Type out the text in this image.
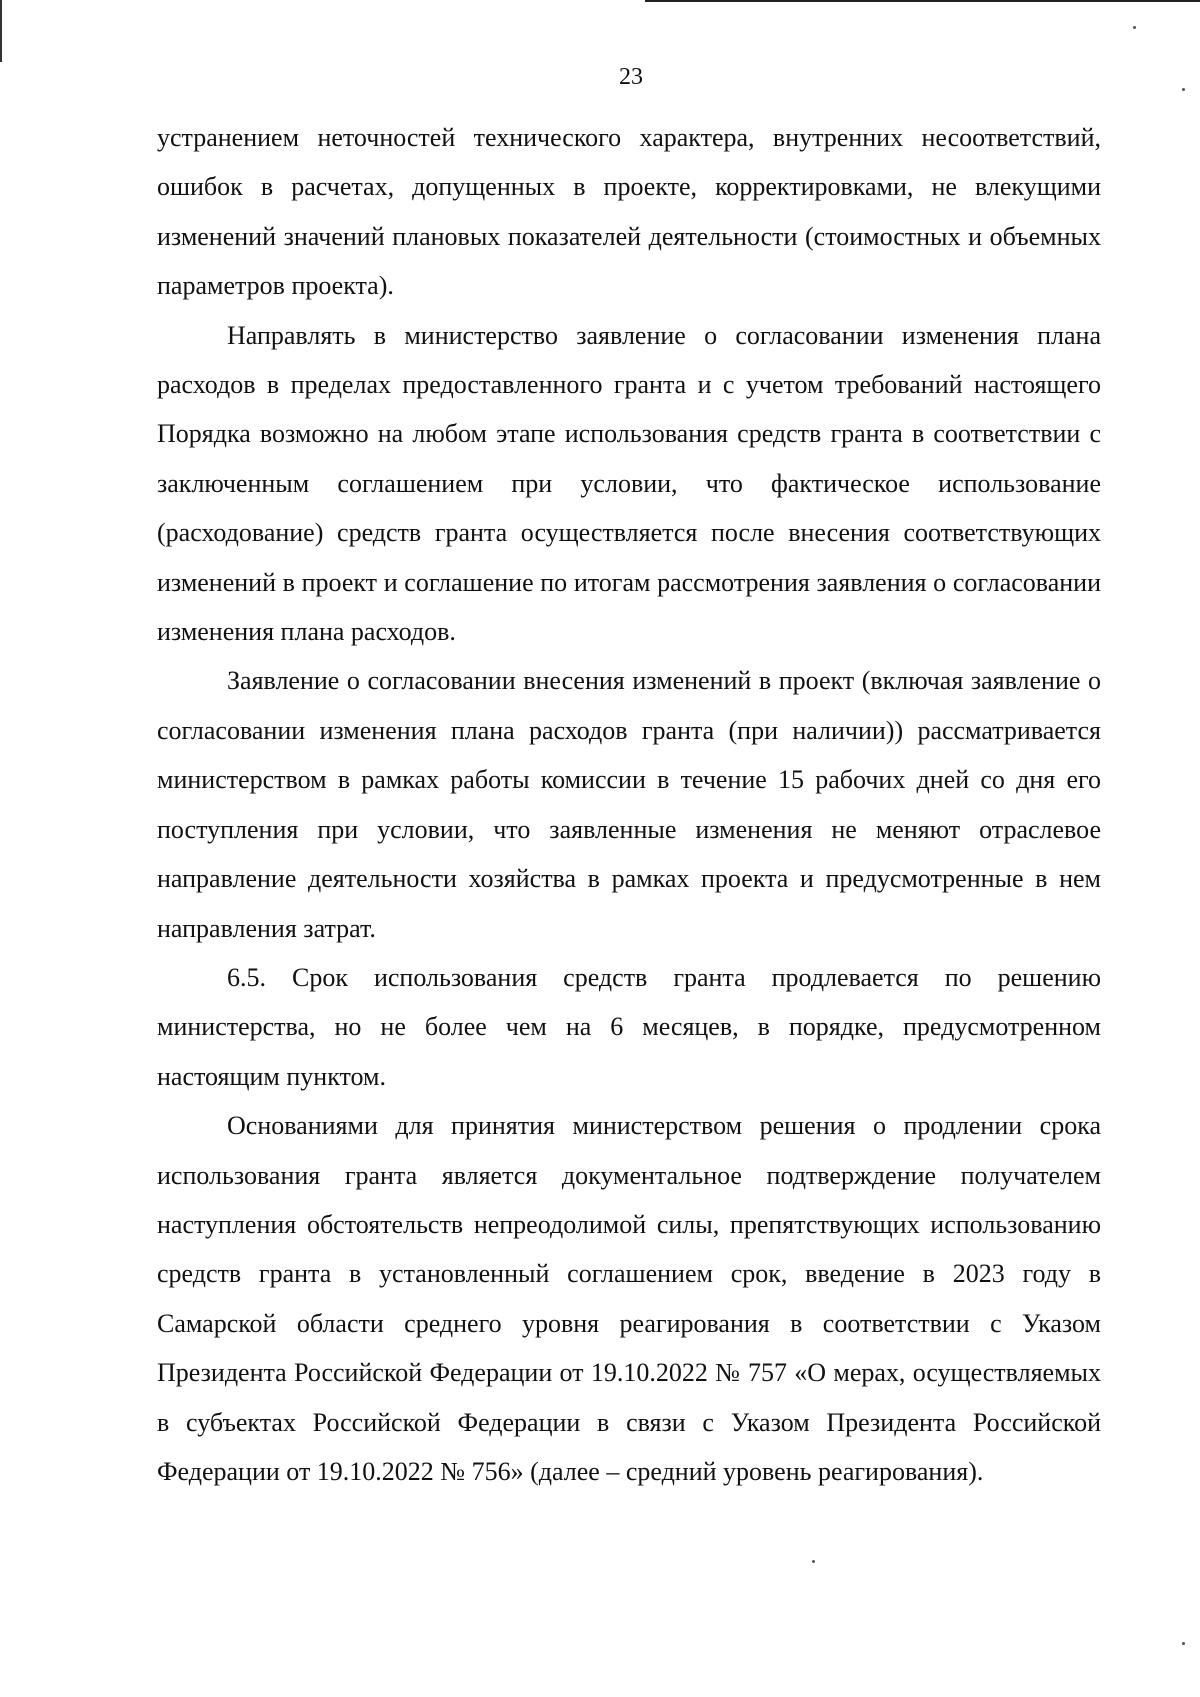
23

устранением неточностей технического характера, внутренних несоответствий, ошибок в расчетах, допущенных в проекте, корректировками, не влекущими изменений значений плановых показателей деятельности (стоимостных и объемных параметров проекта).

Направлять в министерство заявление о согласовании изменения плана расходов в пределах предоставленного гранта и с учетом требований настоящего Порядка возможно на любом этапе использования средств гранта в соответствии с заключенным соглашением при условии, что фактическое использование (расходование) средств гранта осуществляется после внесения соответствующих изменений в проект и соглашение по итогам рассмотрения заявления о согласовании изменения плана расходов.

Заявление о согласовании внесения изменений в проект (включая заявление о согласовании изменения плана расходов гранта (при наличии)) рассматривается министерством в рамках работы комиссии в течение 15 рабочих дней со дня его поступления при условии, что заявленные изменения не меняют отраслевое направление деятельности хозяйства в рамках проекта и предусмотренные в нем направления затрат.

6.5. Срок использования средств гранта продлевается по решению министерства, но не более чем на 6 месяцев, в порядке, предусмотренном настоящим пунктом.

Основаниями для принятия министерством решения о продлении срока использования гранта является документальное подтверждение получателем наступления обстоятельств непреодолимой силы, препятствующих использованию средств гранта в установленный соглашением срок, введение в 2023 году в Самарской области среднего уровня реагирования в соответствии с Указом Президента Российской Федерации от 19.10.2022 № 757 «О мерах, осуществляемых в субъектах Российской Федерации в связи с Указом Президента Российской Федерации от 19.10.2022 № 756» (далее – средний уровень реагирования).
